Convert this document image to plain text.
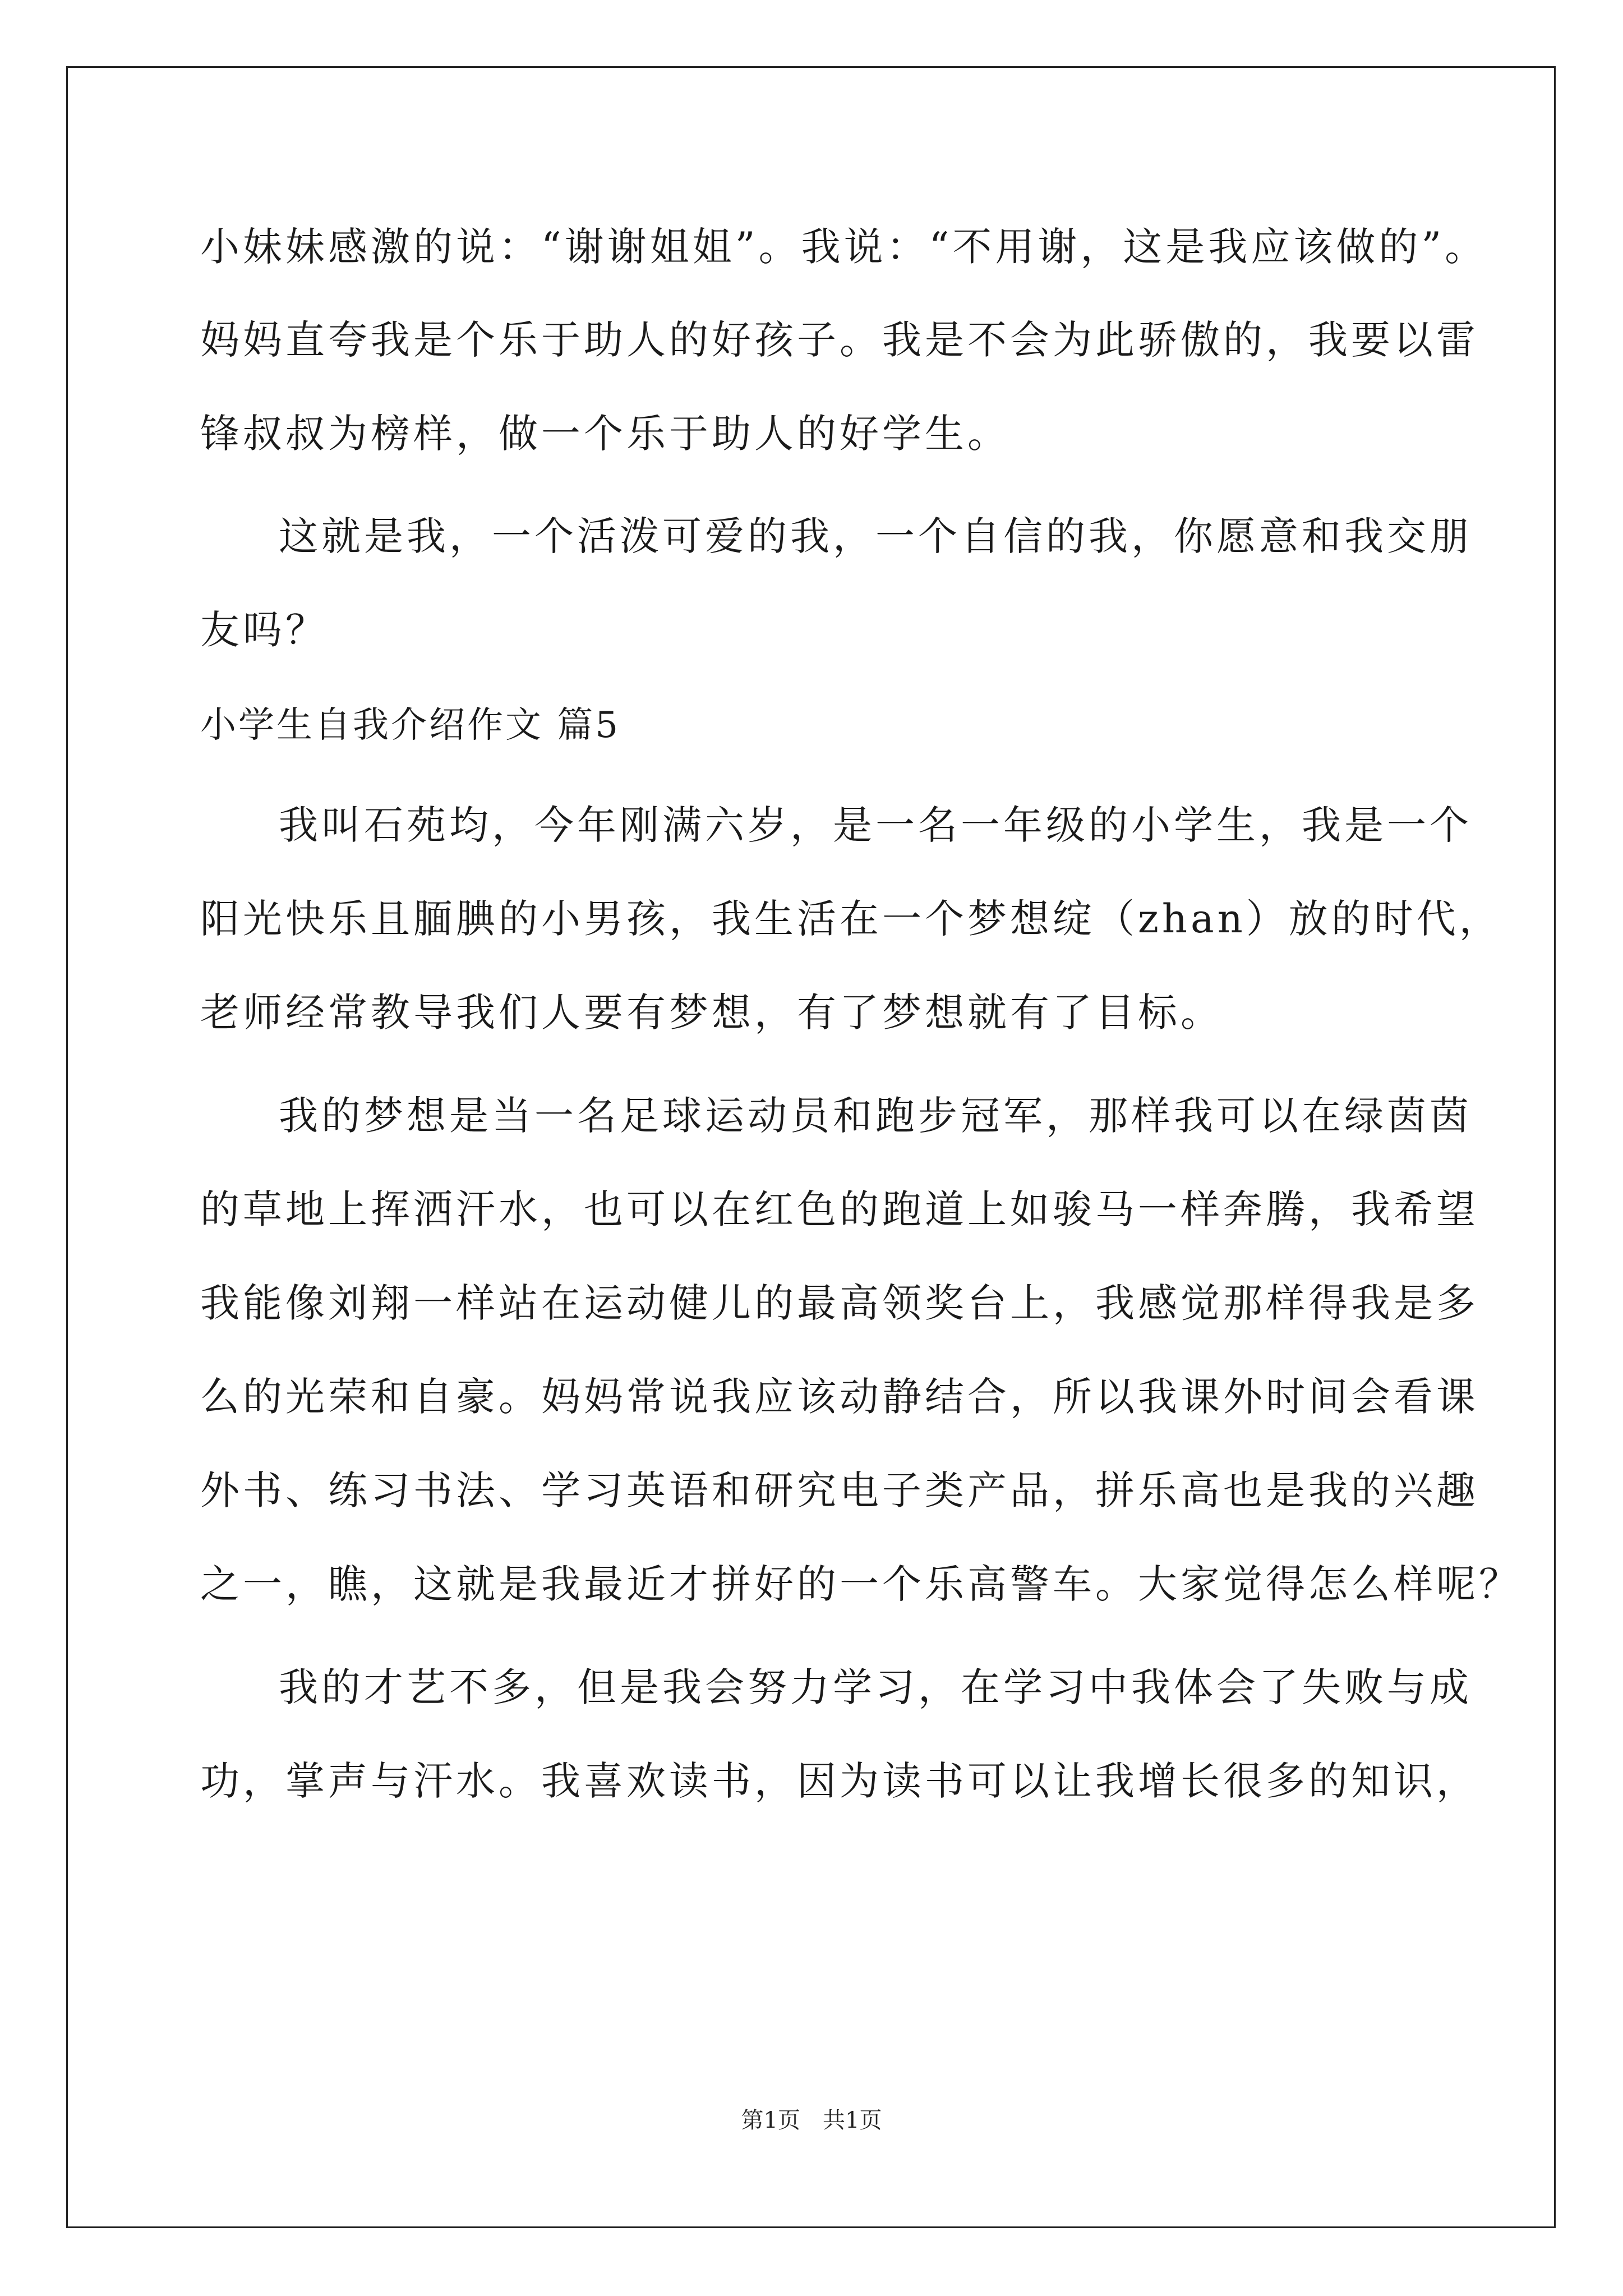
小妹妹感激的说：“谢谢姐姐”。我说：“不用谢，这是我应该做的”。
妈妈直夸我是个乐于助人的好孩子。我是不会为此骄傲的，我要以雷
锋叔叔为榜样，做一个乐于助人的好学生。
这就是我，一个活泼可爱的我，一个自信的我，你愿意和我交朋
友吗？
小学生自我介绍作文 篇5
我叫石苑均，今年刚满六岁，是一名一年级的小学生，我是一个
阳光快乐且腼腆的小男孩，我生活在一个梦想绽（zhan）放的时代，
老师经常教导我们人要有梦想，有了梦想就有了目标。
我的梦想是当一名足球运动员和跑步冠军，那样我可以在绿茵茵
的草地上挥洒汗水，也可以在红色的跑道上如骏马一样奔腾，我希望
我能像刘翔一样站在运动健儿的最高领奖台上，我感觉那样得我是多
么的光荣和自豪。妈妈常说我应该动静结合，所以我课外时间会看课
外书、练习书法、学习英语和研究电子类产品，拼乐高也是我的兴趣
之一，瞧，这就是我最近才拼好的一个乐高警车。大家觉得怎么样呢？
我的才艺不多，但是我会努力学习，在学习中我体会了失败与成
功，掌声与汗水。我喜欢读书，因为读书可以让我增长很多的知识，
第1页　共1页
